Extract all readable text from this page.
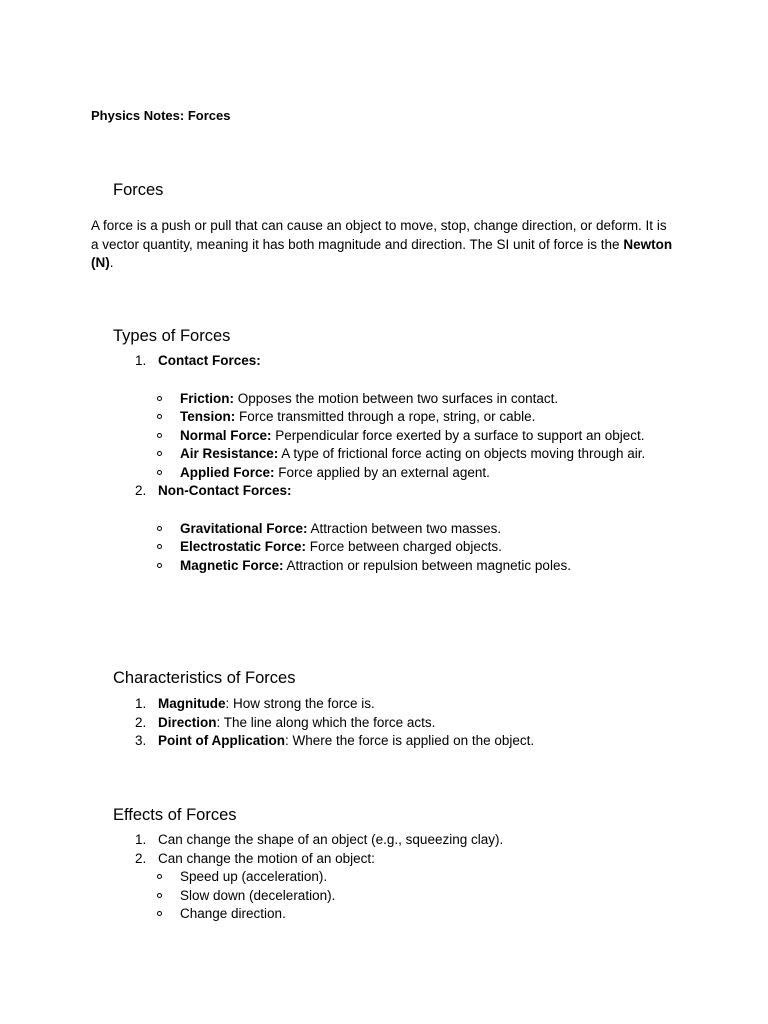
Physics Notes: Forces
Forces
A force is a push or pull that can cause an object to move, stop, change direction, or deform. It is a vector quantity, meaning it has both magnitude and direction. The SI unit of force is the Newton (N).
Types of Forces
1. Contact Forces:
Friction: Opposes the motion between two surfaces in contact.
Tension: Force transmitted through a rope, string, or cable.
Normal Force: Perpendicular force exerted by a surface to support an object.
Air Resistance: A type of frictional force acting on objects moving through air.
Applied Force: Force applied by an external agent.
2. Non-Contact Forces:
Gravitational Force: Attraction between two masses.
Electrostatic Force: Force between charged objects.
Magnetic Force: Attraction or repulsion between magnetic poles.
Characteristics of Forces
1. Magnitude: How strong the force is.
2. Direction: The line along which the force acts.
3. Point of Application: Where the force is applied on the object.
Effects of Forces
1. Can change the shape of an object (e.g., squeezing clay).
2. Can change the motion of an object:
Speed up (acceleration).
Slow down (deceleration).
Change direction.
